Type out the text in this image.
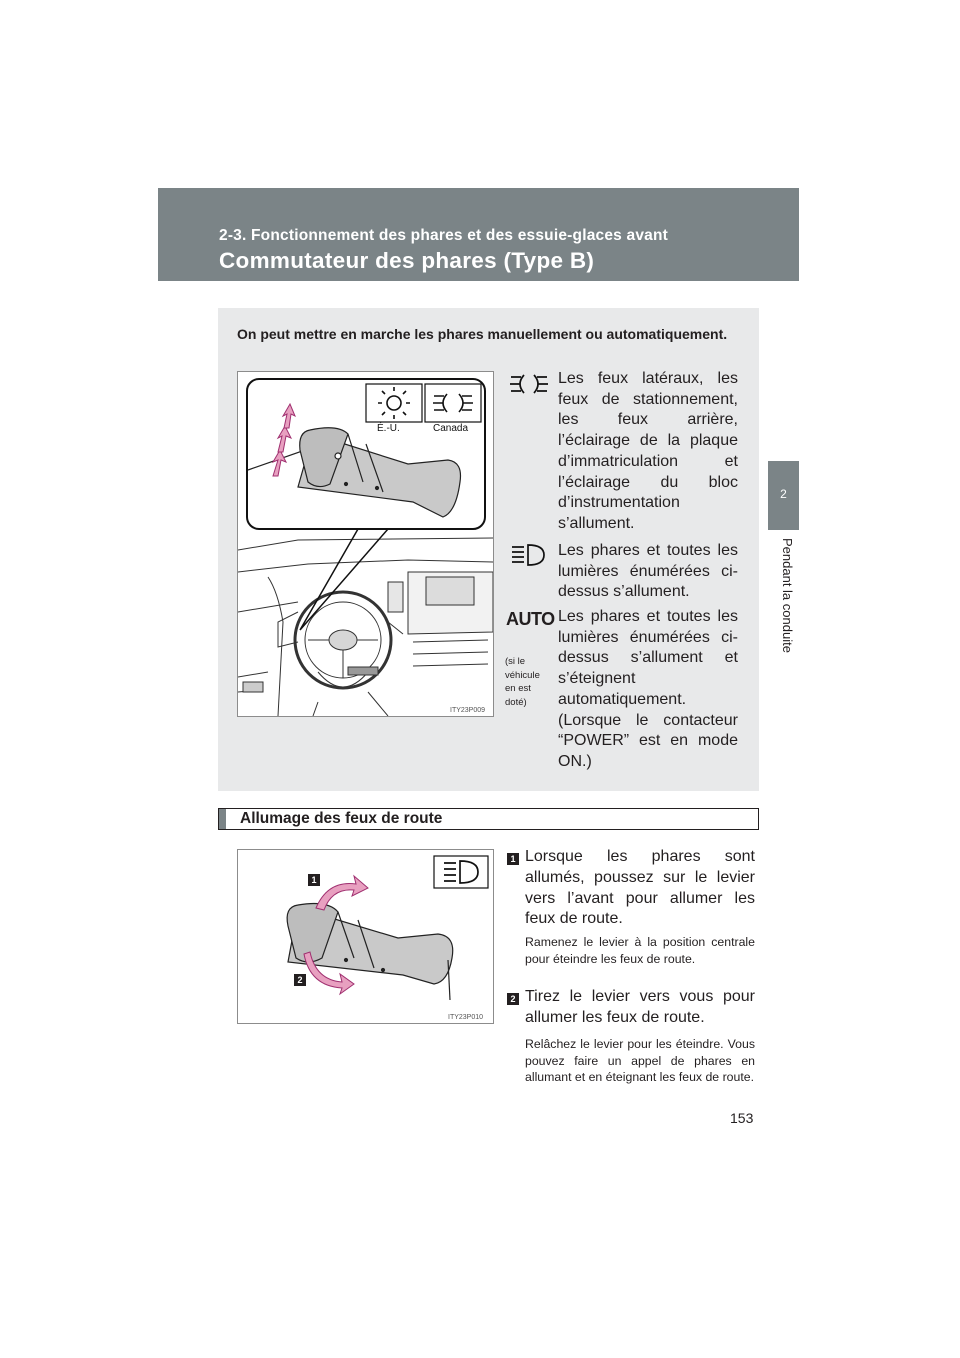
2-3. Fonctionnement des phares et des essuie-glaces avant
Commutateur des phares (Type B)
2
Pendant la conduite
On peut mettre en marche les phares manuellement ou automatiquement.
É.-U.	Canada
ITY23P009
Les feux latéraux, les feux de stationnement, les feux arrière, l’éclairage de la plaque d’immatriculation et l’éclairage du bloc d’instrumentation s’allument.
Les phares et toutes les lumières énumérées ci-dessus s’allument.
AUTO
(si le véhicule en est doté)
Les phares et toutes les lumières énumérées ci-dessus s’allument et s’éteignent automatiquement. (Lorsque le contacteur “POWER” est en mode ON.)
Allumage des feux de route
1
2
ITY23P010
1 Lorsque les phares sont allumés, poussez sur le levier vers l’avant pour allumer les feux de route.
Ramenez le levier à la position centrale pour éteindre les feux de route.
2 Tirez le levier vers vous pour allumer les feux de route.
Relâchez le levier pour les éteindre. Vous pouvez faire un appel de phares en allumant et en éteignant les feux de route.
153
